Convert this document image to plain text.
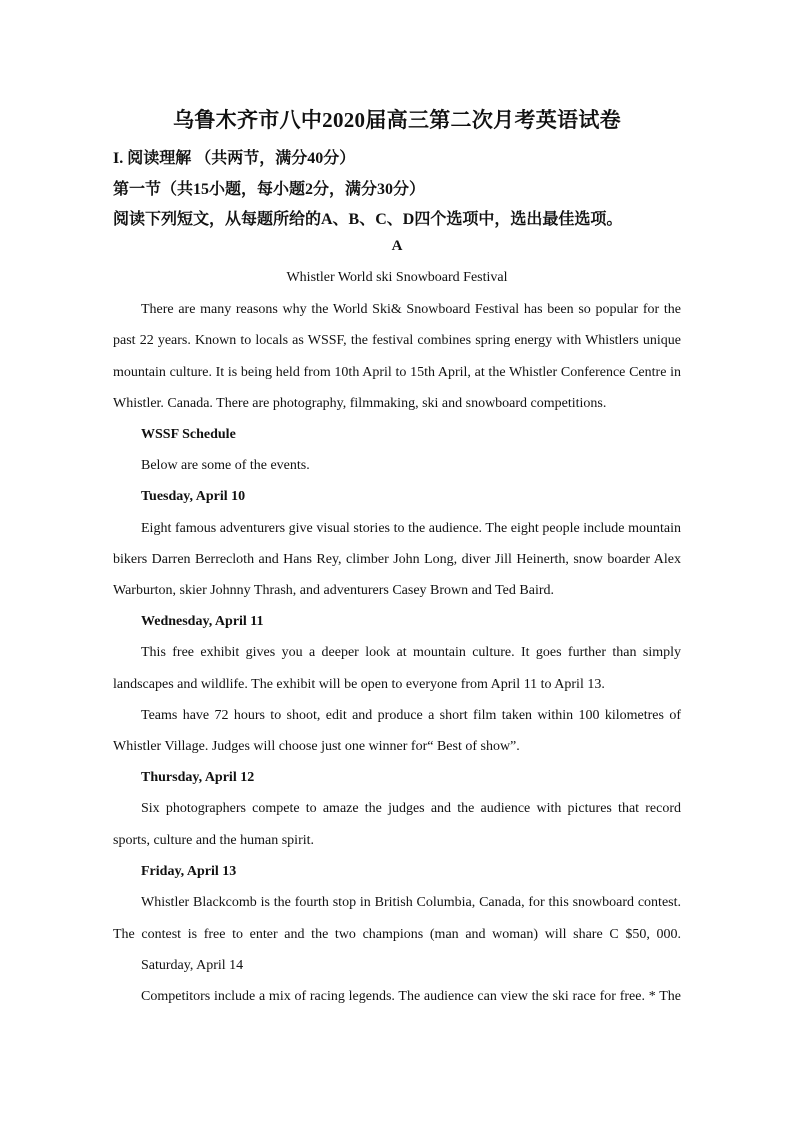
乌鲁木齐市八中2020届高三第二次月考英语试卷
I. 阅读理解 （共两节，满分40分）
第一节（共15小题，每小题2分，满分30分）
阅读下列短文，从每题所给的A、B、C、D四个选项中，选出最佳选项。
A
Whistler World ski Snowboard Festival
There are many reasons why the World Ski& Snowboard Festival has been so popular for the
past 22 years. Known to locals as WSSF, the festival combines spring energy with Whistlers unique
mountain culture. It is being held from 10th April to 15th April, at the Whistler Conference Centre in
Whistler. Canada. There are photography, filmmaking, ski and snowboard competitions.
WSSF Schedule
Below are some of the events.
Tuesday, April 10
Eight famous adventurers give visual stories to the audience. The eight people include mountain
bikers Darren Berrecloth and Hans Rey, climber John Long, diver Jill Heinerth, snow boarder Alex
Warburton, skier Johnny Thrash, and adventurers Casey Brown and Ted Baird.
Wednesday, April 11
This free exhibit gives you a deeper look at mountain culture. It goes further than simply
landscapes and wildlife. The exhibit will be open to everyone from April 11 to April 13.
Teams have 72 hours to shoot, edit and produce a short film taken within 100 kilometres of
Whistler Village. Judges will choose just one winner for“ Best of show”.
Thursday, April 12
Six photographers compete to amaze the judges and the audience with pictures that record
sports, culture and the human spirit.
Friday, April 13
Whistler Blackcomb is the fourth stop in British Columbia, Canada, for this snowboard contest.
The contest is free to enter and the two champions (man and woman) will share C $50, 000.
Saturday, April 14
Competitors include a mix of racing legends. The audience can view the ski race for free. * The
